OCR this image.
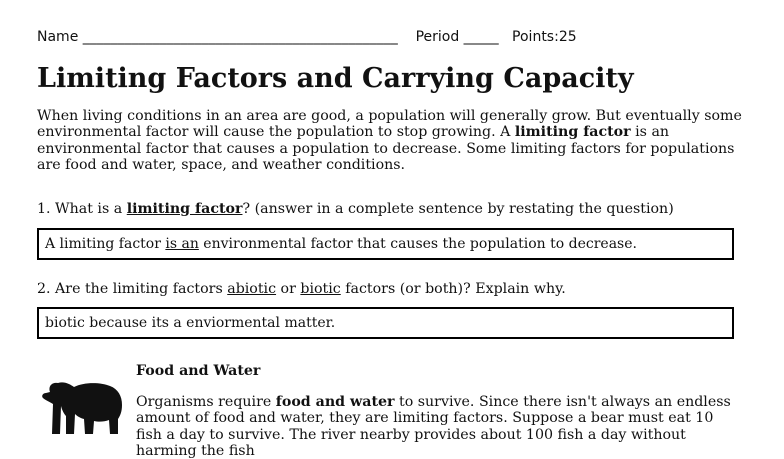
Name _____________________________________________ Period _____ Points:25
Limiting Factors and Carrying Capacity
When living conditions in an area are good, a population will generally grow. But eventually some environmental factor will cause the population to stop growing. A limiting factor is an environmental factor that causes a population to decrease. Some limiting factors for populations are food and water, space, and weather conditions.
1. What is a limiting factor? (answer in a complete sentence by restating the question)
A limiting factor is an environmental factor that causes the population to decrease.
2. Are the limiting factors abiotic or biotic factors (or both)? Explain why.
biotic because its a enviormental matter.
Food and Water
Organisms require food and water to survive. Since there isn't always an endless amount of food and water, they are limiting factors. Suppose a bear must eat 10 fish a day to survive. The river nearby provides about 100 fish a day without harming the fish
